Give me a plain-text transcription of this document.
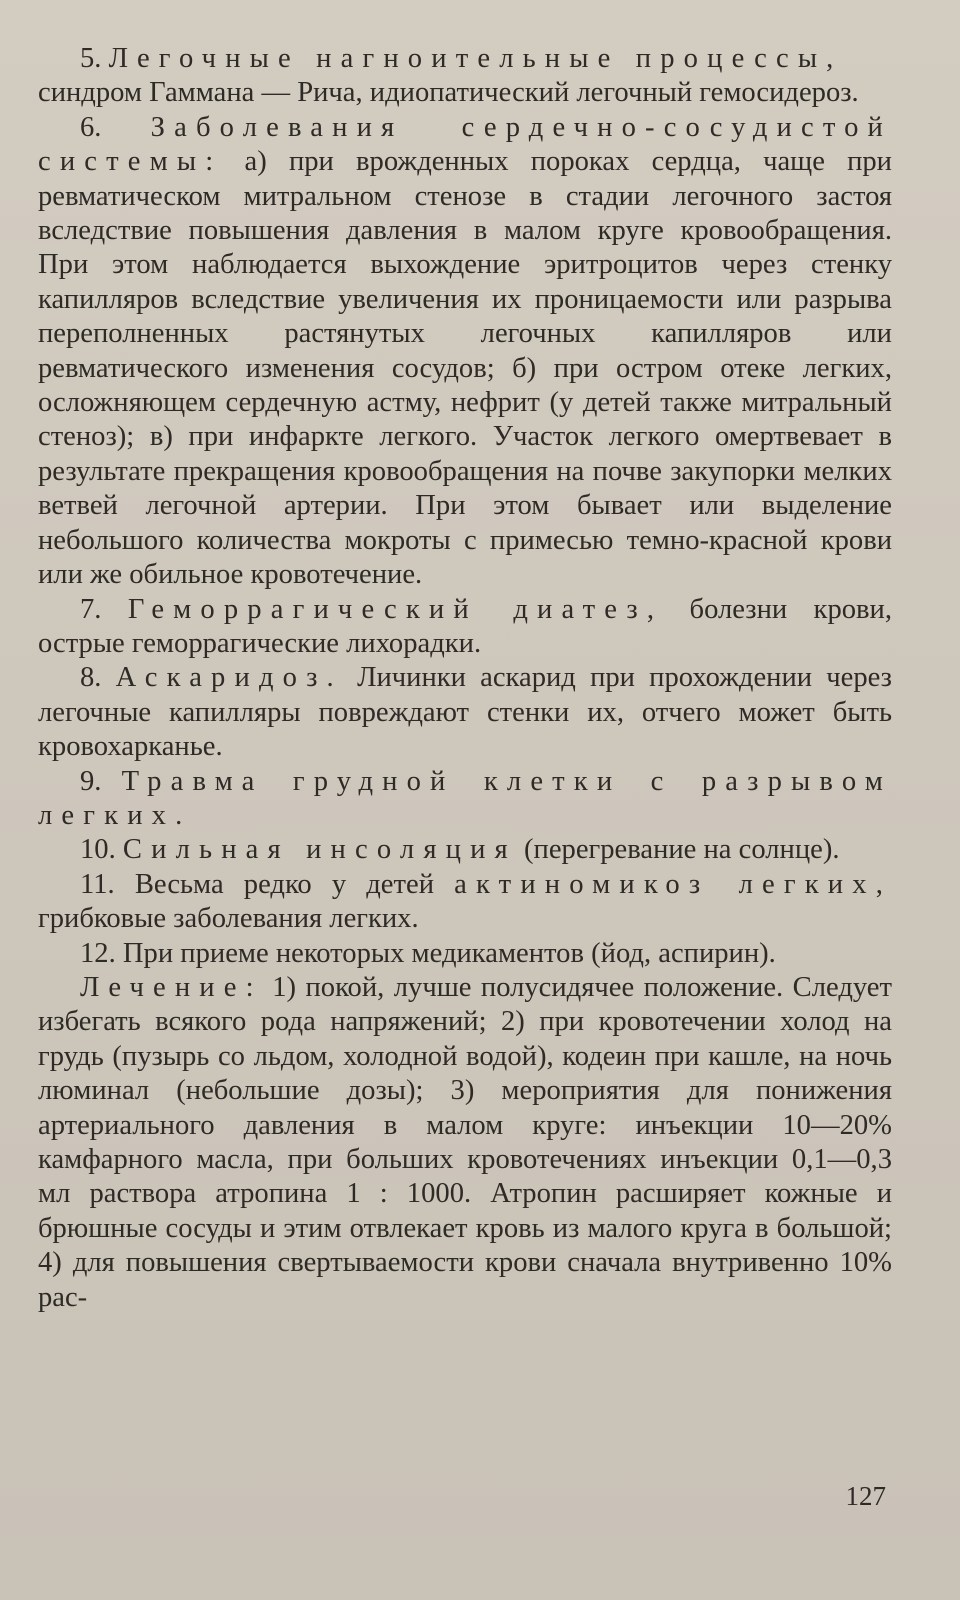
5. Легочные нагноительные процессы,

синдром Гаммана — Рича, идиопатический легочный гемосидероз.

6. Заболевания сердечно-сосудистой системы: а) при врожденных пороках сердца, чаще при ревматическом митральном стенозе в стадии легочного застоя вследствие повышения давления в малом круге кровообращения. При этом наблюдается выхождение эритроцитов через стенку капилляров вследствие увеличения их проницаемости или разрыва переполненных растянутых легочных капилляров или ревматического изменения сосудов; б) при остром отеке легких, осложняющем сердечную астму, нефрит (у детей также митральный стеноз); в) при инфаркте легкого. Участок легкого омертвевает в результате прекращения кровообращения на почве закупорки мелких ветвей легочной артерии. При этом бывает или выделение небольшого количества мокроты с примесью темно-красной крови или же обильное кровотечение.

7. Геморрагический диатез, болезни крови, острые геморрагические лихорадки.

8. Аскаридоз. Личинки аскарид при прохождении через легочные капилляры повреждают стенки их, отчего может быть кровохарканье.

9. Травма грудной клетки с разрывом легких.

10. Сильная инсоляция (перегревание на солнце).

11. Весьма редко у детей актиномикоз легких, грибковые заболевания легких.

12. При приеме некоторых медикаментов (йод, аспирин).

Лечение: 1) покой, лучше полусидячее положение. Следует избегать всякого рода напряжений; 2) при кровотечении холод на грудь (пузырь со льдом, холодной водой), кодеин при кашле, на ночь люминал (небольшие дозы); 3) мероприятия для понижения артериального давления в малом круге: инъекции 10—20% камфарного масла, при больших кровотечениях инъекции 0,1—0,3 мл раствора атропина 1 : 1000. Атропин расширяет кожные и брюшные сосуды и этим отвлекает кровь из малого круга в большой; 4) для повышения свертываемости крови сначала внутривенно 10% рас-

127
